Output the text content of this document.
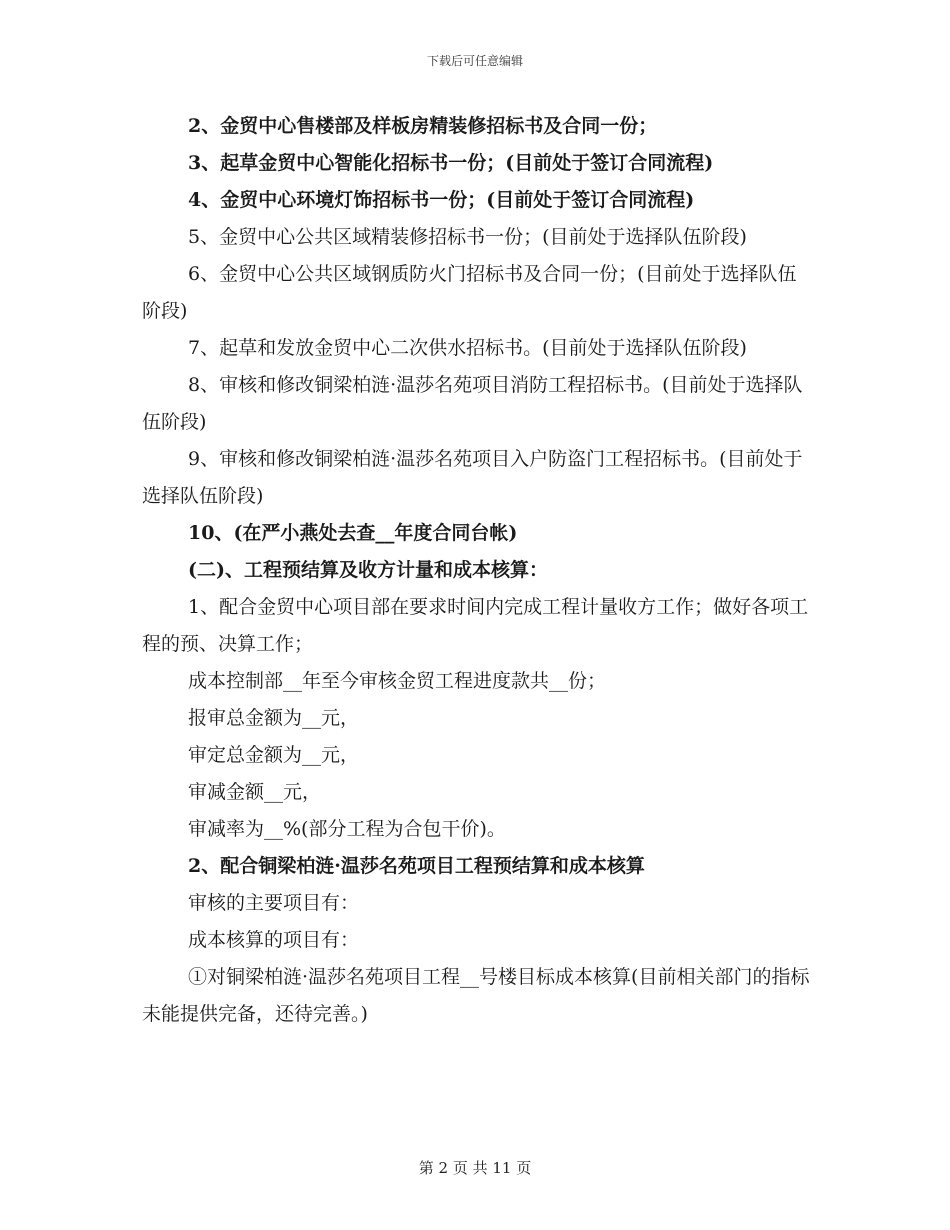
下载后可任意编辑

2、金贸中心售楼部及样板房精装修招标书及合同一份；

3、起草金贸中心智能化招标书一份；(目前处于签订合同流程)

4、金贸中心环境灯饰招标书一份；(目前处于签订合同流程)

5、金贸中心公共区域精装修招标书一份；(目前处于选择队伍阶段)

6、金贸中心公共区域钢质防火门招标书及合同一份；(目前处于选择队伍阶段)

7、起草和发放金贸中心二次供水招标书。(目前处于选择队伍阶段)

8、审核和修改铜梁柏涟·温莎名苑项目消防工程招标书。(目前处于选择队伍阶段)

9、审核和修改铜梁柏涟·温莎名苑项目入户防盗门工程招标书。(目前处于选择队伍阶段)

10、(在严小燕处去查__年度合同台帐)

(二)、工程预结算及收方计量和成本核算：

1、配合金贸中心项目部在要求时间内完成工程计量收方工作；做好各项工程的预、决算工作；

成本控制部__年至今审核金贸工程进度款共__份；

报审总金额为__元，

审定总金额为__元，

审减金额__元，

审减率为__%(部分工程为合包干价)。

2、配合铜梁柏涟·温莎名苑项目工程预结算和成本核算

审核的主要项目有：

成本核算的项目有：

①对铜梁柏涟·温莎名苑项目工程__号楼目标成本核算(目前相关部门的指标未能提供完备，还待完善。)

第 2 页 共 11 页
